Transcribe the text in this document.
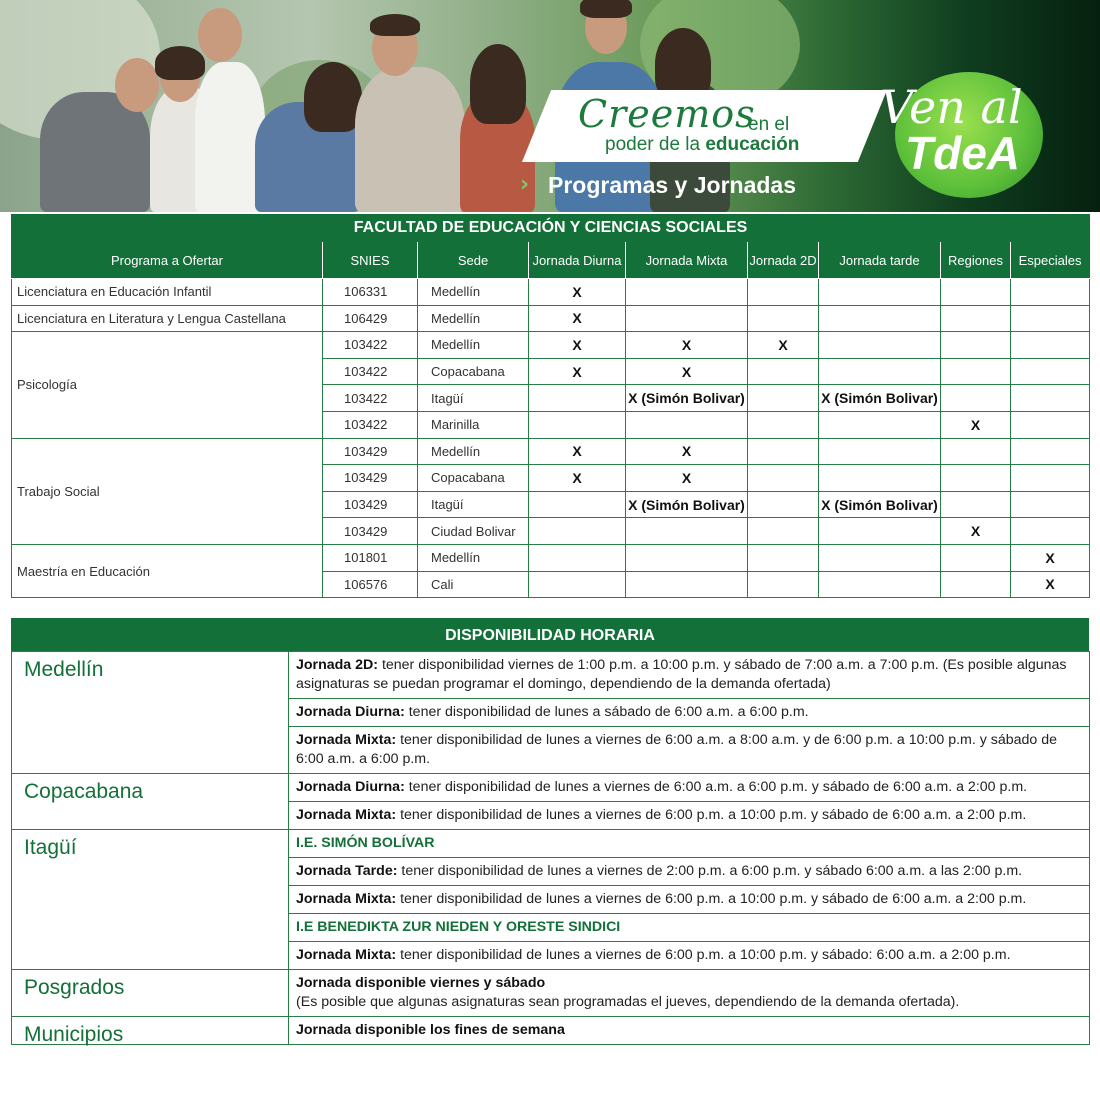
Creemos
en el
poder de la educación
› Programas y Jornadas
Ven al
TdeA
FACULTAD DE EDUCACIÓN Y CIENCIAS SOCIALES								
Programa a Ofertar	SNIES	Sede	Jornada Diurna	Jornada Mixta	Jornada 2D	Jornada tarde	Regiones	Especiales
Licenciatura en Educación Infantil	106331	Medellín	X					
Licenciatura en Literatura y Lengua Castellana	106429	Medellín	X					
Psicología	103422	Medellín	X	X	X			
	103422	Copacabana	X	X				
	103422	Itagüí		X (Simón Bolivar)		X (Simón Bolivar)		
	103422	Marinilla					X	
Trabajo Social	103429	Medellín	X	X				
	103429	Copacabana	X	X				
	103429	Itagüí		X (Simón Bolivar)		X (Simón Bolivar)		
	103429	Ciudad Bolivar					X	
Maestría en Educación	101801	Medellín						X
	106576	Cali						X
DISPONIBILIDAD HORARIA
Medellín	Jornada 2D: tener disponibilidad viernes de 1:00 p.m. a 10:00 p.m. y sábado de 7:00 a.m. a 7:00 p.m. (Es posible algunas asignaturas se puedan programar el domingo, dependiendo de la demanda ofertada)
	Jornada Diurna: tener disponibilidad de lunes a sábado de 6:00 a.m. a 6:00 p.m.
	Jornada Mixta: tener disponibilidad de lunes a viernes de 6:00 a.m. a 8:00 a.m. y de 6:00 p.m. a 10:00 p.m. y sábado de 6:00 a.m. a 6:00 p.m.
Copacabana	Jornada Diurna: tener disponibilidad de lunes a viernes de 6:00 a.m. a 6:00 p.m. y sábado de 6:00 a.m. a 2:00 p.m.
	Jornada Mixta: tener disponibilidad de lunes a viernes de 6:00 p.m. a 10:00 p.m. y sábado de 6:00 a.m. a 2:00 p.m.
Itagüí	I.E. SIMÓN BOLÍVAR
	Jornada Tarde: tener disponibilidad de lunes a viernes de 2:00 p.m. a 6:00 p.m. y sábado 6:00 a.m. a las 2:00 p.m.
	Jornada Mixta: tener disponibilidad de lunes a viernes de 6:00 p.m. a 10:00 p.m. y sábado de 6:00 a.m. a 2:00 p.m.
	I.E BENEDIKTA ZUR NIEDEN Y ORESTE SINDICI
	Jornada Mixta: tener disponibilidad de lunes a viernes de 6:00 p.m. a 10:00 p.m. y sábado: 6:00 a.m. a 2:00 p.m.
Posgrados	Jornada disponible viernes y sábado
(Es posible que algunas asignaturas sean programadas el jueves, dependiendo de la demanda ofertada).
Municipios	Jornada disponible los fines de semana
